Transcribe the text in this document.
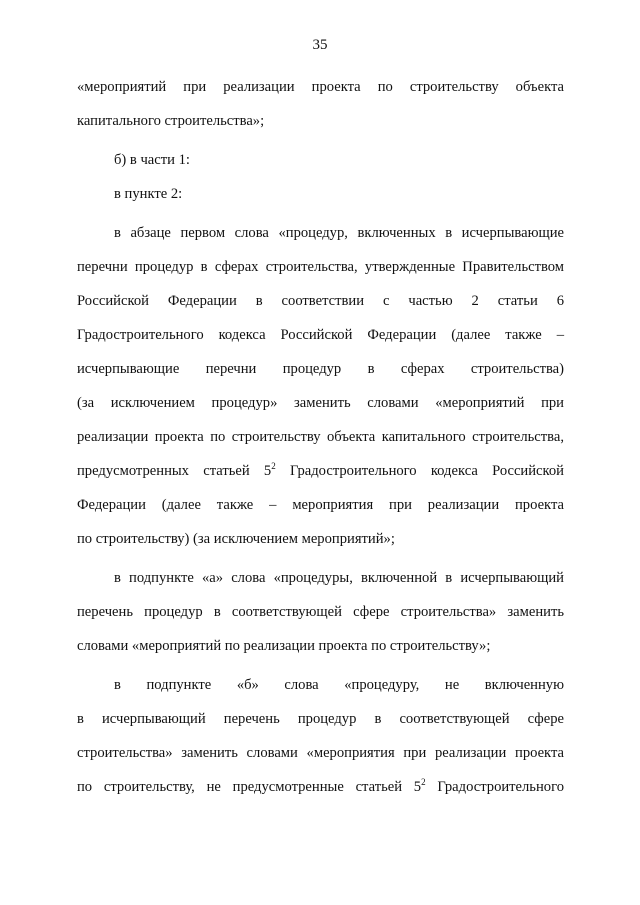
35
«мероприятий при реализации проекта по строительству объекта
капитального строительства»;
б) в части 1:
в пункте 2:
в абзаце первом слова «процедур, включенных в исчерпывающие
перечни процедур в сферах строительства, утвержденные Правительством
Российской Федерации в соответствии с частью 2 статьи 6
Градостроительного кодекса Российской Федерации (далее также –
исчерпывающие перечни процедур в сферах строительства)
(за исключением процедур» заменить словами «мероприятий при
реализации проекта по строительству объекта капитального строительства,
предусмотренных статьей $5^2$ Градостроительного кодекса Российской
Федерации (далее также – мероприятия при реализации проекта
по строительству) (за исключением мероприятий»;
в подпункте «а» слова «процедуры, включенной в исчерпывающий
перечень процедур в соответствующей сфере строительства» заменить
словами «мероприятий по реализации проекта по строительству»;
в подпункте «б» слова «процедуру, не включенную
в исчерпывающий перечень процедур в соответствующей сфере
строительства» заменить словами «мероприятия при реализации проекта
по строительству, не предусмотренные статьей $5^2$ Градостроительного
